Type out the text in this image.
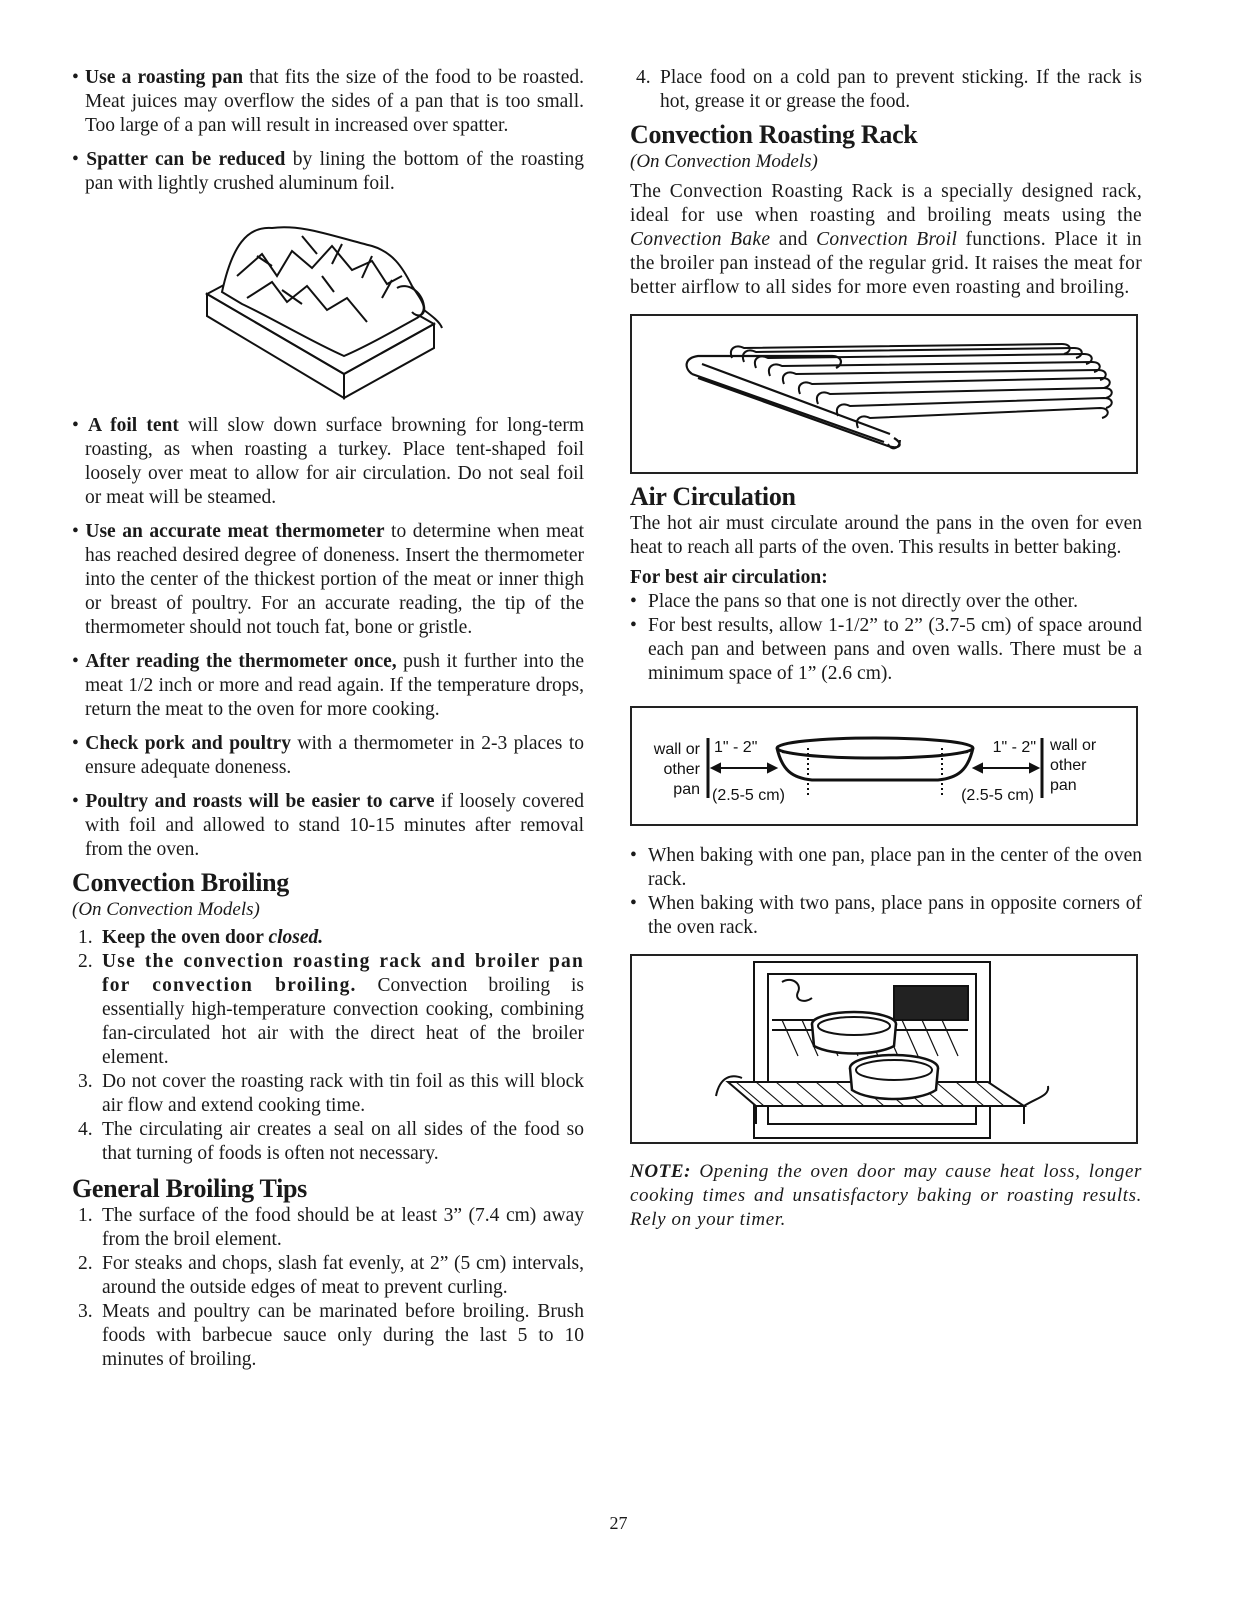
• Use a roasting pan that fits the size of the food to be roasted. Meat juices may overflow the sides of a pan that is too small. Too large of a pan will result in increased over spatter.

• Spatter can be reduced by lining the bottom of the roasting pan with lightly crushed aluminum foil.

• A foil tent will slow down surface browning for long-term roasting, as when roasting a turkey. Place tent-shaped foil loosely over meat to allow for air circulation. Do not seal foil or meat will be steamed.

• Use an accurate meat thermometer to determine when meat has reached desired degree of doneness. Insert the thermometer into the center of the thickest portion of the meat or inner thigh or breast of poultry. For an accurate reading, the tip of the thermometer should not touch fat, bone or gristle.

• After reading the thermometer once, push it further into the meat 1/2 inch or more and read again. If the temperature drops, return the meat to the oven for more cooking.

• Check pork and poultry with a thermometer in 2-3 places to ensure adequate doneness.

• Poultry and roasts will be easier to carve if loosely covered with foil and allowed to stand 10-15 minutes after removal from the oven.

Convection Broiling

(On Convection Models)

1. Keep the oven door closed.
2. Use the convection roasting rack and broiler pan for convection broiling. Convection broiling is essentially high-temperature convection cooking, combining fan-circulated hot air with the direct heat of the broiler element.
3. Do not cover the roasting rack with tin foil as this will block air flow and extend cooking time.
4. The circulating air creates a seal on all sides of the food so that turning of foods is often not necessary.
General Broiling Tips
1. The surface of the food should be at least 3” (7.4 cm) away from the broil element.
2. For steaks and chops, slash fat evenly, at 2” (5 cm) intervals, around the outside edges of meat to prevent curling.
3. Meats and poultry can be marinated before broiling. Brush foods with barbecue sauce only during the last 5 to 10 minutes of broiling.
4. Place food on a cold pan to prevent sticking. If the rack is hot, grease it or grease the food.
Convection Roasting Rack

(On Convection Models)

The Convection Roasting Rack is a specially designed rack, ideal for use when roasting and broiling meats using the Convection Bake and Convection Broil functions. Place it in the broiler pan instead of the regular grid. It raises the meat for better airflow to all sides for more even roasting and broiling.

Air Circulation

The hot air must circulate around the pans in the oven for even heat to reach all parts of the oven. This results in better baking.

For best air circulation:

• Place the pans so that one is not directly over the other.
• For best results, allow 1-1/2” to 2” (3.7-5 cm) of space around each pan and between pans and oven walls. There must be a minimum space of 1” (2.6 cm).
wall or
other
pan
1" - 2"
(2.5-5 cm)
1" - 2"
(2.5-5 cm)
wall or
other
pan
• When baking with one pan, place pan in the center of the oven rack.
• When baking with two pans, place pans in opposite corners of the oven rack.

NOTE: Opening the oven door may cause heat loss, longer cooking times and unsatisfactory baking or roasting results. Rely on your timer.

27
